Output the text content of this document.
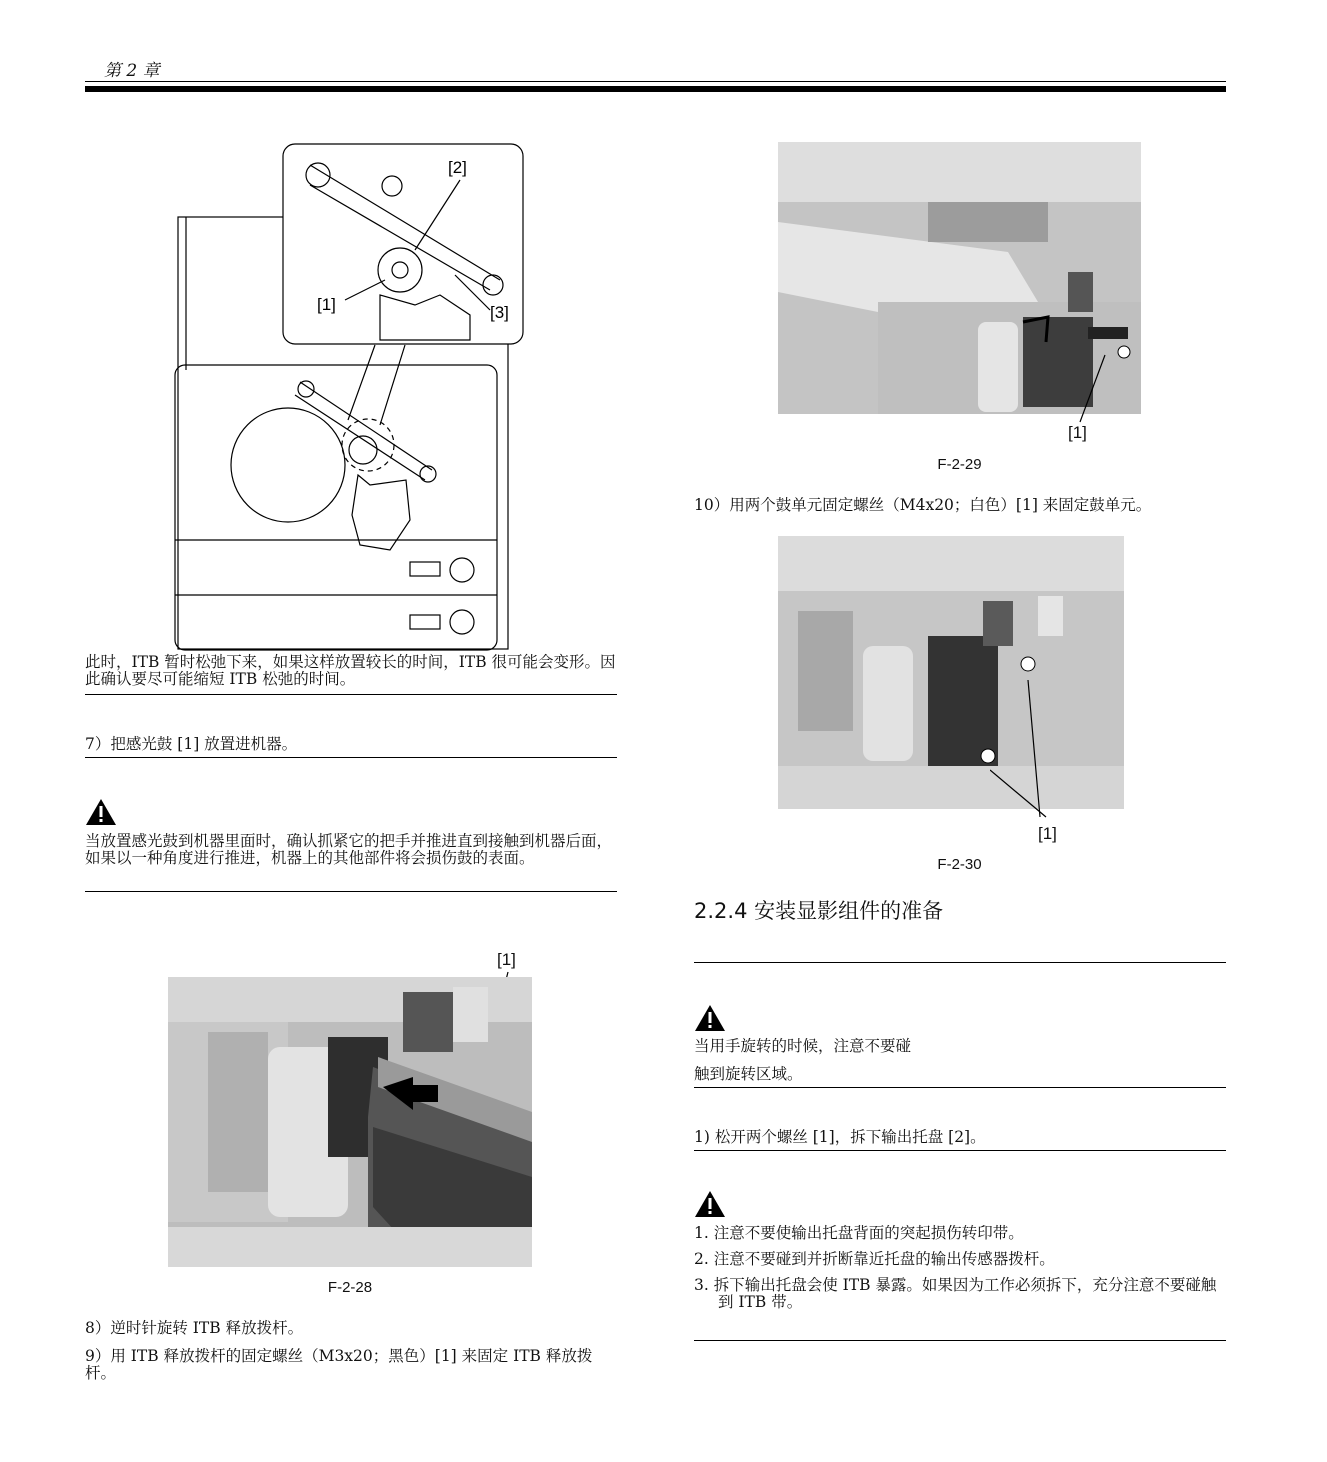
第 2 章
[2]
[1]	[3]
此时，ITB 暂时松弛下来，如果这样放置较长的时间，ITB 很可能会变形。因此确认要尽可能缩短 ITB 松弛的时间。
7）把感光鼓 [1] 放置进机器。
当放置感光鼓到机器里面时，确认抓紧它的把手并推进直到接触到机器后面，如果以一种角度进行推进，机器上的其他部件将会损伤鼓的表面。
[1]
F-2-28
8）逆时针旋转 ITB 释放拨杆。
9）用 ITB 释放拨杆的固定螺丝（M3x20；黑色）[1] 来固定 ITB 释放拨杆。
[1]
F-2-29
10）用两个鼓单元固定螺丝（M4x20；白色）[1] 来固定鼓单元。
[1]
F-2-30
2.2.4 安装显影组件的准备
当用手旋转的时候，注意不要碰
触到旋转区域。
1) 松开两个螺丝 [1]，拆下输出托盘 [2]。
1. 注意不要使输出托盘背面的突起损伤转印带。
2. 注意不要碰到并折断靠近托盘的输出传感器拨杆。
3. 拆下输出托盘会使 ITB 暴露。如果因为工作必须拆下，充分注意不要碰触到 ITB 带。
